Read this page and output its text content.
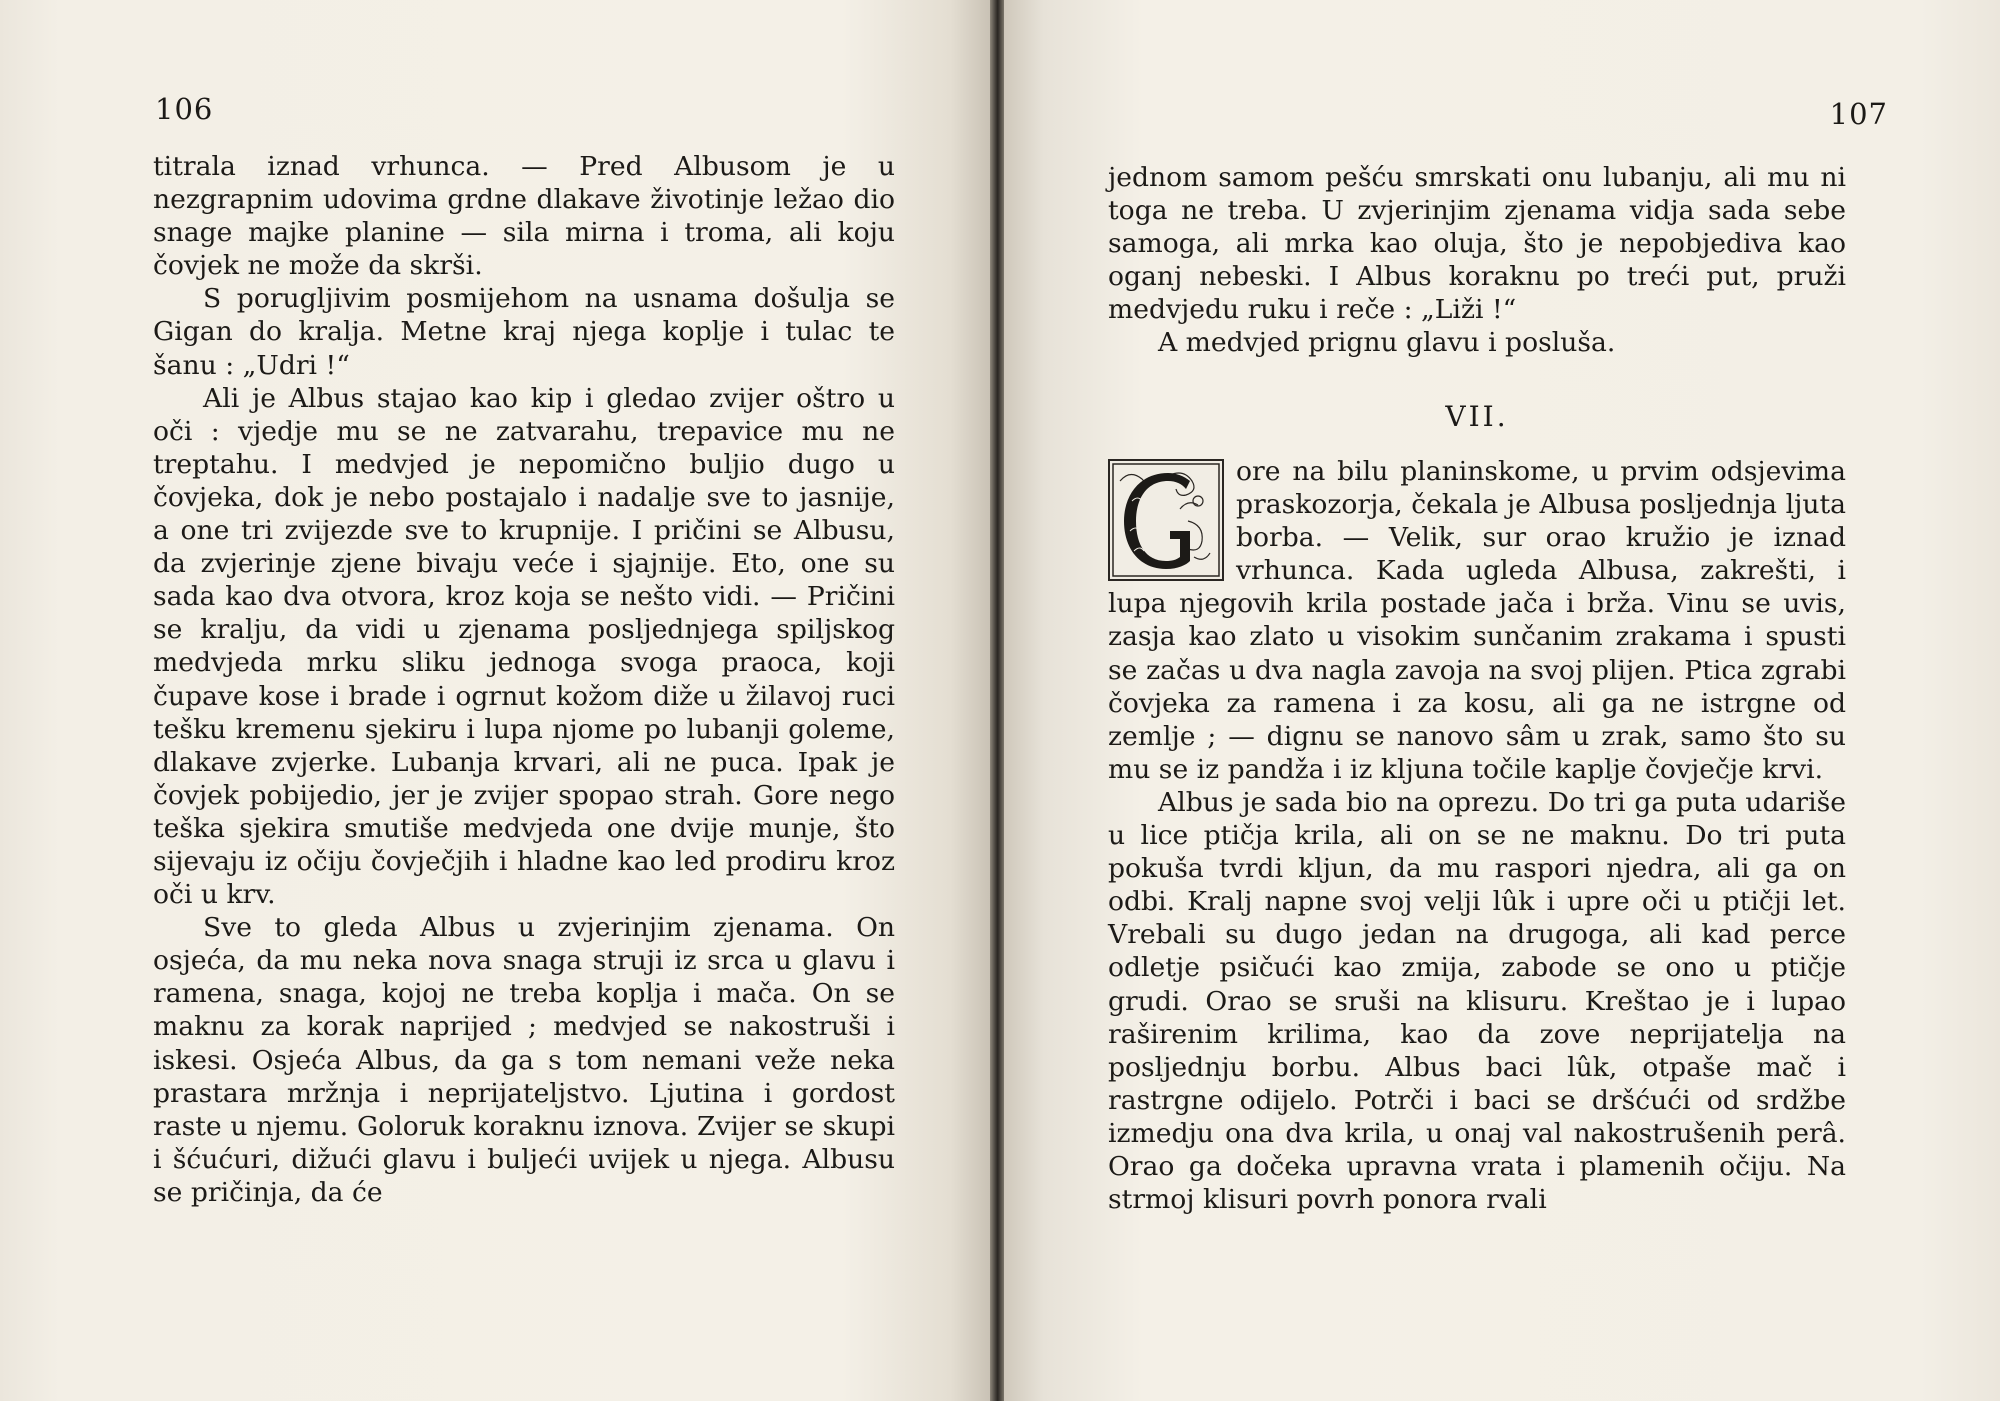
106

titrala iznad vrhunca. — Pred Albusom je u nezgrapnim udovima grdne dlakave životinje ležao dio snage majke planine — sila mirna i troma, ali koju čovjek ne može da skrši.

S porugljivim posmijehom na usnama došulja se Gigan do kralja. Metne kraj njega koplje i tulac te šanu : „Udri !“

Ali je Albus stajao kao kip i gledao zvijer oštro u oči : vjedje mu se ne zatvarahu, trepavice mu ne treptahu. I medvjed je nepomično buljio dugo u čovjeka, dok je nebo postajalo i nadalje sve to jasnije, a one tri zvijezde sve to krupnije. I pričini se Albusu, da zvjerinje zjene bivaju veće i sjajnije. Eto, one su sada kao dva otvora, kroz koja se nešto vidi. — Pričini se kralju, da vidi u zjenama posljednjega spiljskog medvjeda mrku sliku jednoga svoga praoca, koji čupave kose i brade i ogrnut kožom diže u žilavoj ruci tešku kremenu sjekiru i lupa njome po lubanji goleme, dlakave zvjerke. Lubanja krvari, ali ne puca. Ipak je čovjek pobijedio, jer je zvijer spopao strah. Gore nego teška sjekira smutiše medvjeda one dvije munje, što sijevaju iz očiju čovječjih i hladne kao led prodiru kroz oči u krv.

Sve to gleda Albus u zvjerinjim zjenama. On osjeća, da mu neka nova snaga struji iz srca u glavu i ramena, snaga, kojoj ne treba koplja i mača. On se maknu za korak naprijed ; medvjed se nakostruši i iskesi. Osjeća Albus, da ga s tom nemani veže neka prastara mržnja i neprijateljstvo. Ljutina i gordost raste u njemu. Goloruk koraknu iznova. Zvijer se skupi i šćućuri, dižući glavu i buljeći uvijek u njega. Albusu se pričinja, da će

107

jednom samom pešću smrskati onu lubanju, ali mu ni toga ne treba. U zvjerinjim zjenama vidja sada sebe samoga, ali mrka kao oluja, što je nepobjediva kao oganj nebeski. I Albus koraknu po treći put, pruži medvjedu ruku i reče : „Liži !“

A medvjed prignu glavu i posluša.

VII.

ore na bilu planinskome, u prvim odsjevima praskozorja, čekala je Albusa posljednja ljuta borba. — Velik, sur orao kružio je iznad vrhunca. Kada ugleda Albusa, zakrešti, i lupa njegovih krila postade jača i brža. Vinu se uvis, zasja kao zlato u visokim sunčanim zrakama i spusti se začas u dva nagla zavoja na svoj plijen. Ptica zgrabi čovjeka za ramena i za kosu, ali ga ne istrgne od zemlje ; — dignu se nanovo sâm u zrak, samo što su mu se iz pandža i iz kljuna točile kaplje čovječje krvi.

Albus je sada bio na oprezu. Do tri ga puta udariše u lice ptičja krila, ali on se ne maknu. Do tri puta pokuša tvrdi kljun, da mu raspori njedra, ali ga on odbi. Kralj napne svoj velji lûk i upre oči u ptičji let. Vrebali su dugo jedan na drugoga, ali kad perce odletje psičući kao zmija, zabode se ono u ptičje grudi. Orao se sruši na klisuru. Kreštao je i lupao raširenim krilima, kao da zove neprijatelja na posljednju borbu. Albus baci lûk, otpaše mač i rastrgne odijelo. Potrči i baci se dršćući od srdžbe izmedju ona dva krila, u onaj val nakostrušenih perâ. Orao ga dočeka upravna vrata i plamenih očiju. Na strmoj klisuri povrh ponora rvali
